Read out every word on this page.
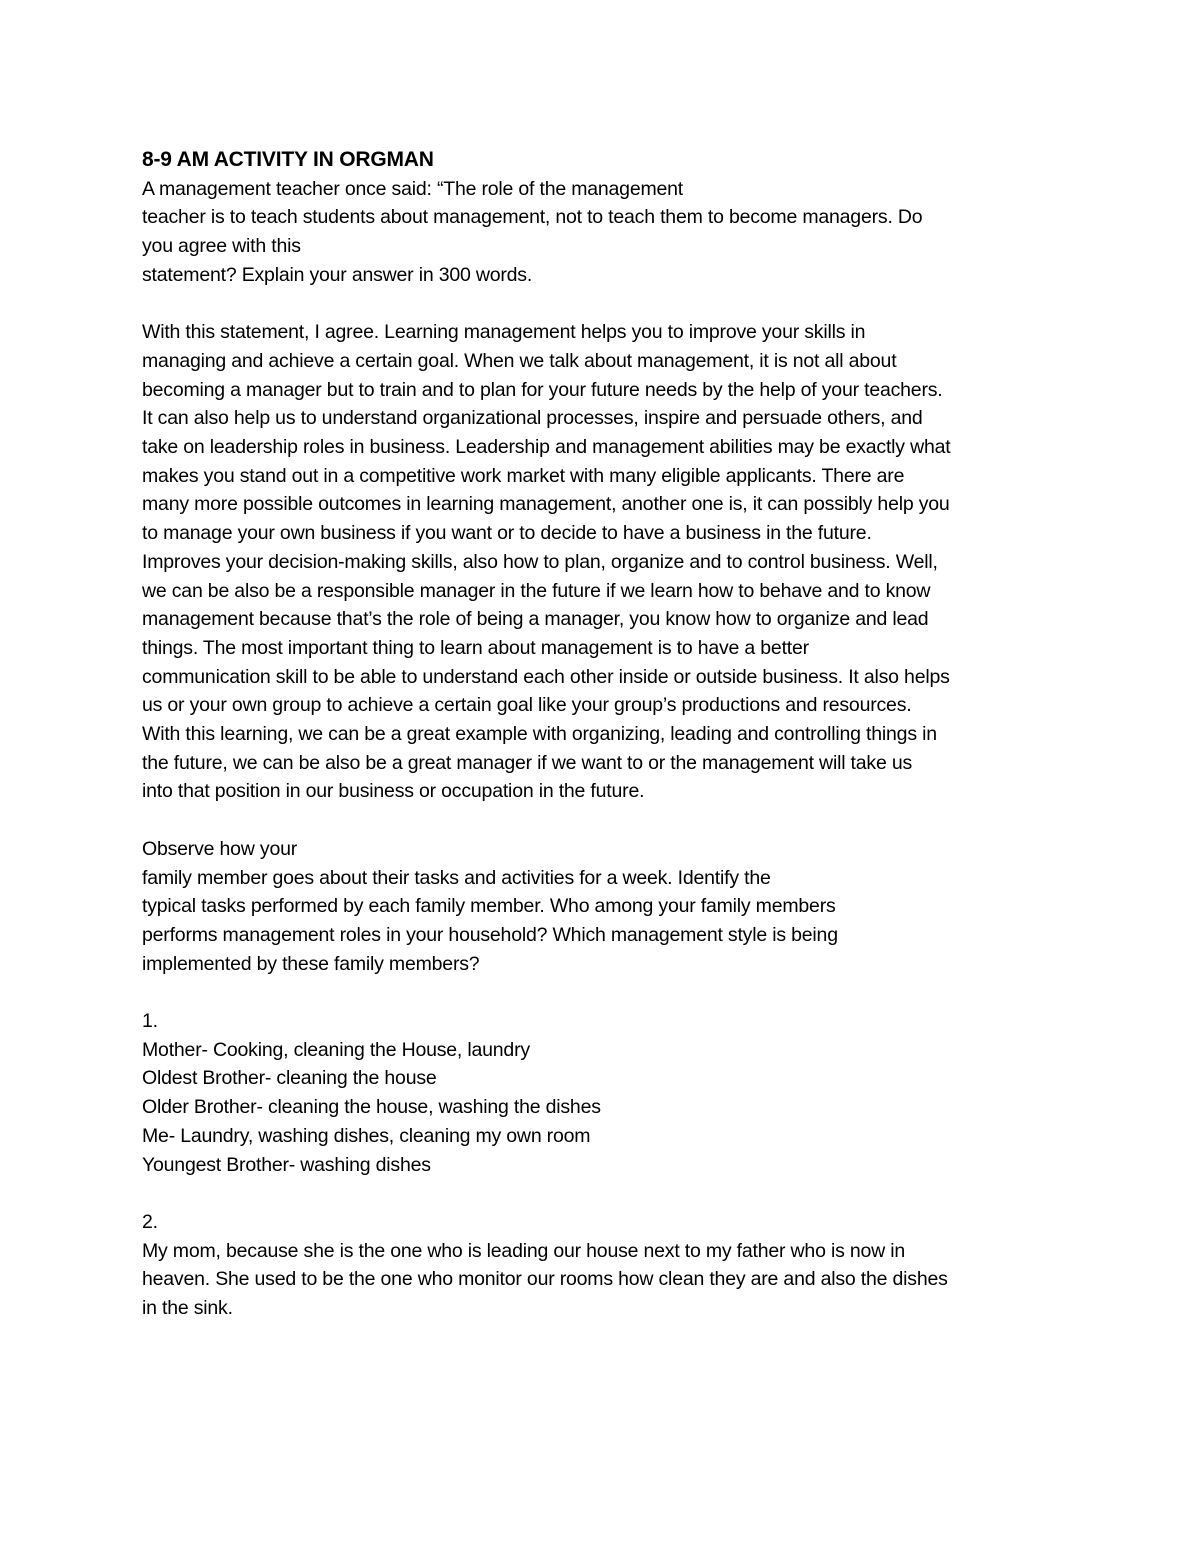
8-9 AM ACTIVITY IN ORGMAN
A management teacher once said: “The role of the management
teacher is to teach students about management, not to teach them to become managers. Do
you agree with this
statement? Explain your answer in 300 words.
With this statement, I agree. Learning management helps you to improve your skills in
managing and achieve a certain goal. When we talk about management, it is not all about
becoming a manager but to train and to plan for your future needs by the help of your teachers.
It can also help us to understand organizational processes, inspire and persuade others, and
take on leadership roles in business. Leadership and management abilities may be exactly what
makes you stand out in a competitive work market with many eligible applicants. There are
many more possible outcomes in learning management, another one is, it can possibly help you
to manage your own business if you want or to decide to have a business in the future.
Improves your decision-making skills, also how to plan, organize and to control business. Well,
we can be also be a responsible manager in the future if we learn how to behave and to know
management because that’s the role of being a manager, you know how to organize and lead
things. The most important thing to learn about management is to have a better
communication skill to be able to understand each other inside or outside business. It also helps
us or your own group to achieve a certain goal like your group’s productions and resources.
With this learning, we can be a great example with organizing, leading and controlling things in
the future, we can be also be a great manager if we want to or the management will take us
into that position in our business or occupation in the future.
Observe how your
family member goes about their tasks and activities for a week. Identify the
typical tasks performed by each family member. Who among your family members
performs management roles in your household? Which management style is being
implemented by these family members?
1.
Mother- Cooking, cleaning the House, laundry
Oldest Brother- cleaning the house
Older Brother- cleaning the house, washing the dishes
Me- Laundry, washing dishes, cleaning my own room
Youngest Brother- washing dishes
2.
My mom, because she is the one who is leading our house next to my father who is now in
heaven. She used to be the one who monitor our rooms how clean they are and also the dishes
in the sink.
